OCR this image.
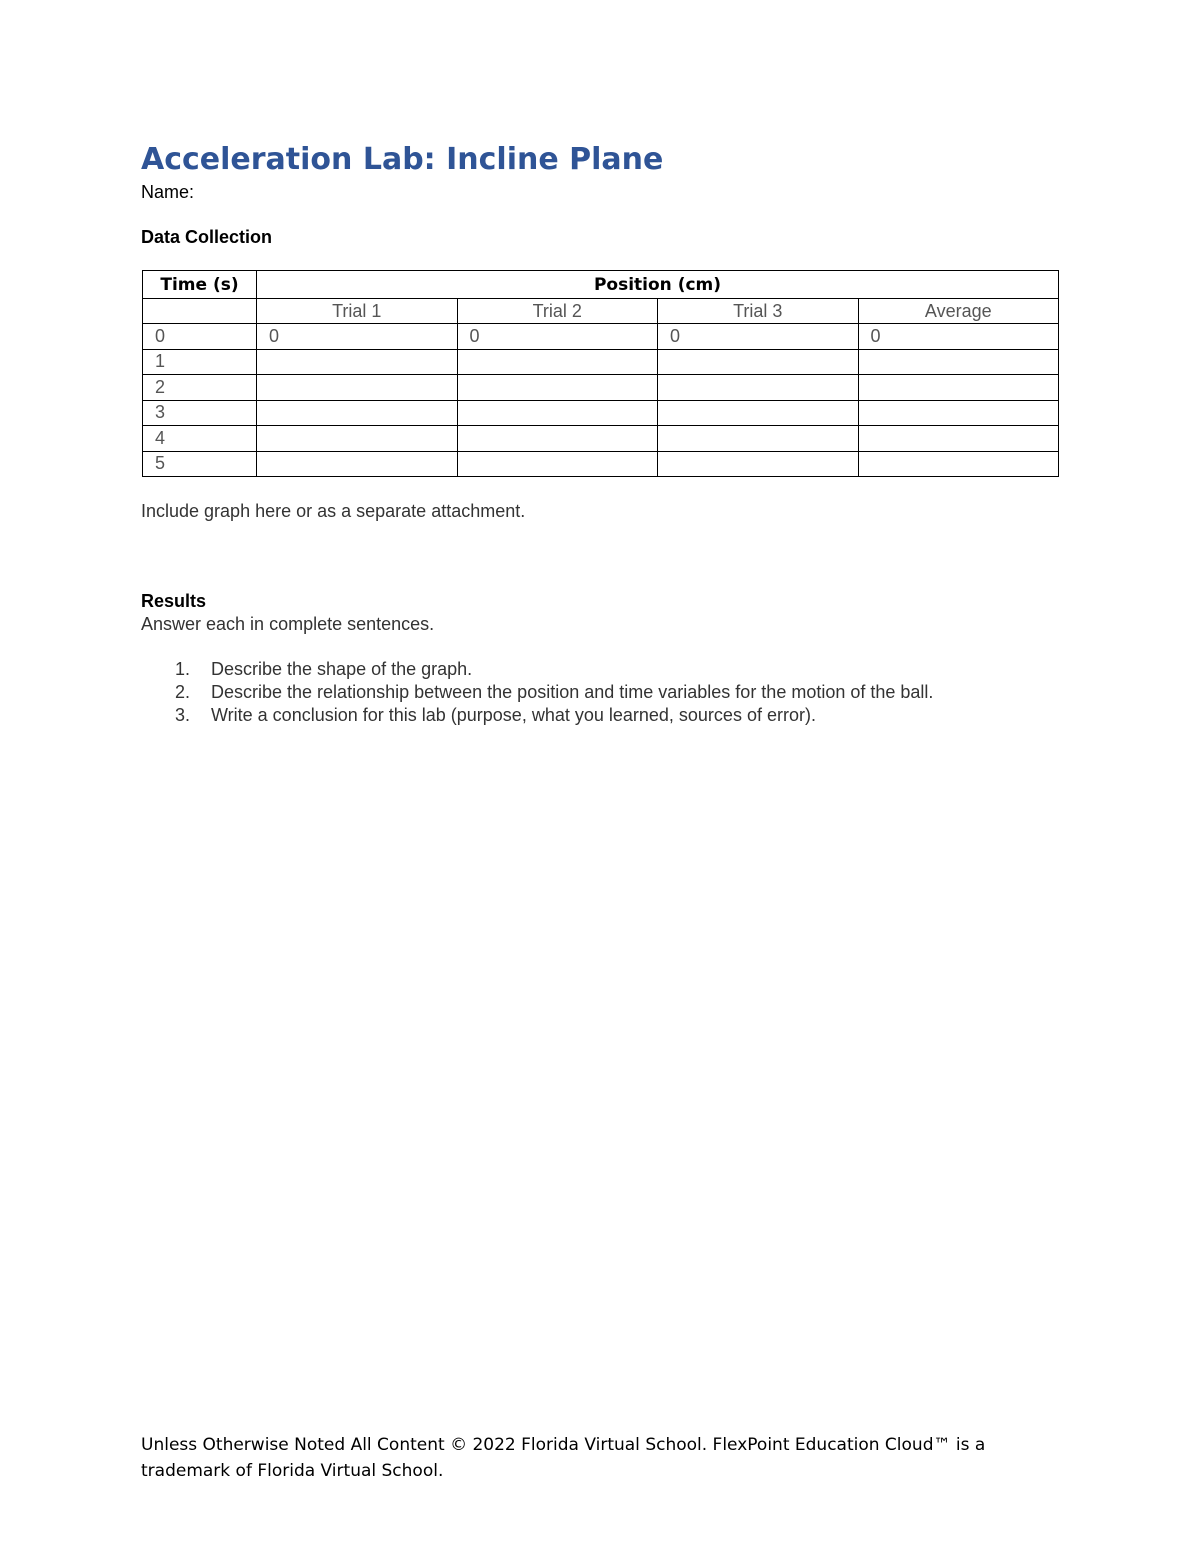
Acceleration Lab: Incline Plane
Name:
Data Collection
Time (s)	Position (cm)			
	Trial 1	Trial 2	Trial 3	Average
0	0	0	0	0
1				
2				
3				
4				
5				
Include graph here or as a separate attachment.
Results
Answer each in complete sentences.
1. Describe the shape of the graph.
2. Describe the relationship between the position and time variables for the motion of the ball.
3. Write a conclusion for this lab (purpose, what you learned, sources of error).
Unless Otherwise Noted All Content © 2022 Florida Virtual School. FlexPoint Education Cloud™ is a trademark of Florida Virtual School.
